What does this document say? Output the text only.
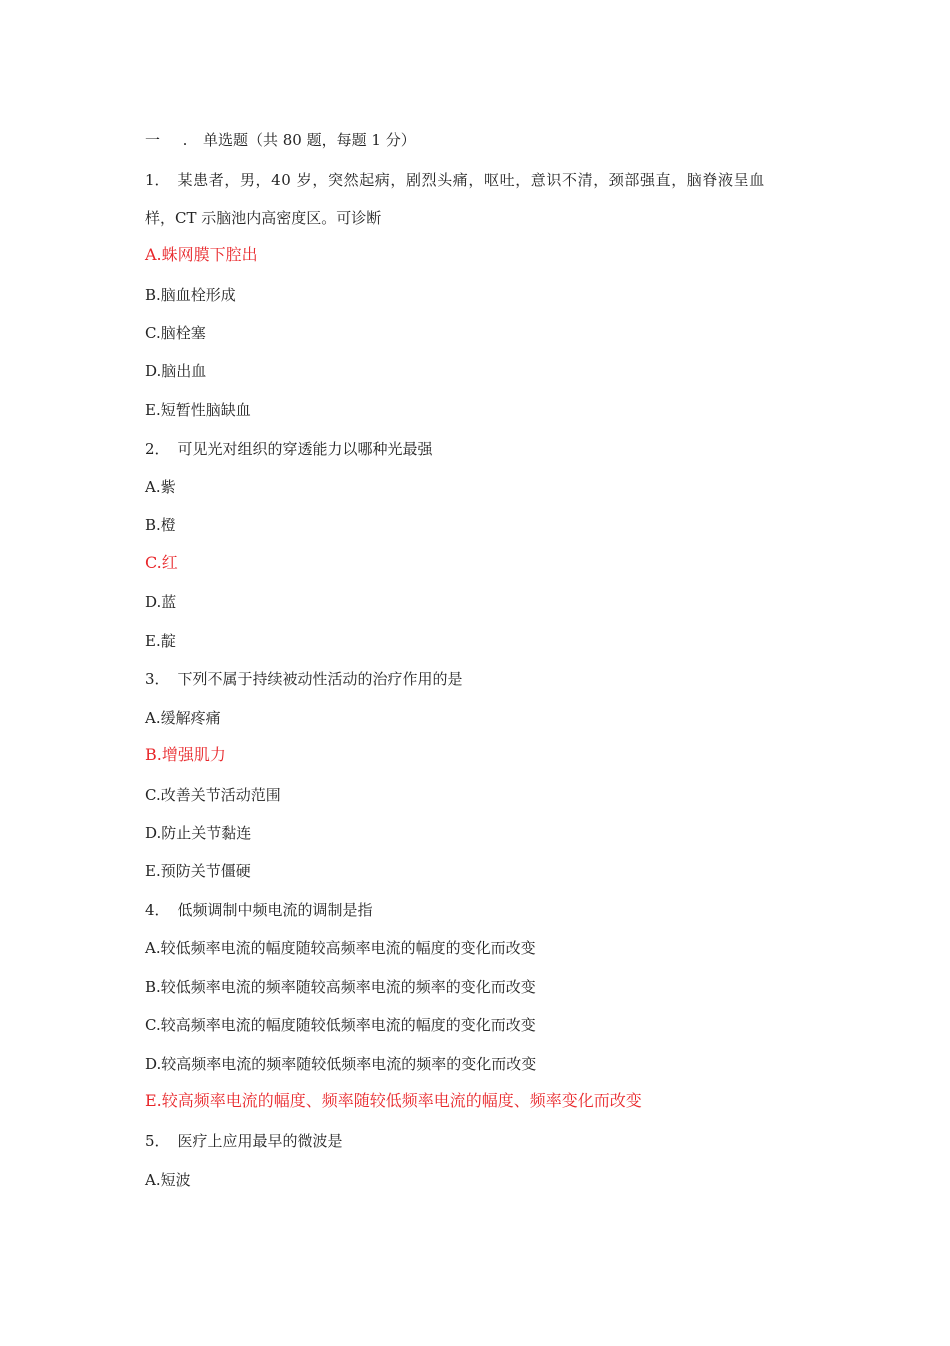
一 . 单选题（共 80 题，每题 1 分）
1． 某患者，男，40 岁，突然起病，剧烈头痛，呕吐，意识不清，颈部强直，脑脊液呈血
样，CT 示脑池内高密度区。可诊断
A.蛛网膜下腔出
B.脑血栓形成
C.脑栓塞
D.脑出血
E.短暂性脑缺血
2． 可见光对组织的穿透能力以哪种光最强
A.紫
B.橙
C.红
D.蓝
E.靛
3． 下列不属于持续被动性活动的治疗作用的是
A.缓解疼痛
B.增强肌力
C.改善关节活动范围
D.防止关节黏连
E.预防关节僵硬
4． 低频调制中频电流的调制是指
A.较低频率电流的幅度随较高频率电流的幅度的变化而改变
B.较低频率电流的频率随较高频率电流的频率的变化而改变
C.较高频率电流的幅度随较低频率电流的幅度的变化而改变
D.较高频率电流的频率随较低频率电流的频率的变化而改变
E.较高频率电流的幅度、频率随较低频率电流的幅度、频率变化而改变
5． 医疗上应用最早的微波是
A.短波
